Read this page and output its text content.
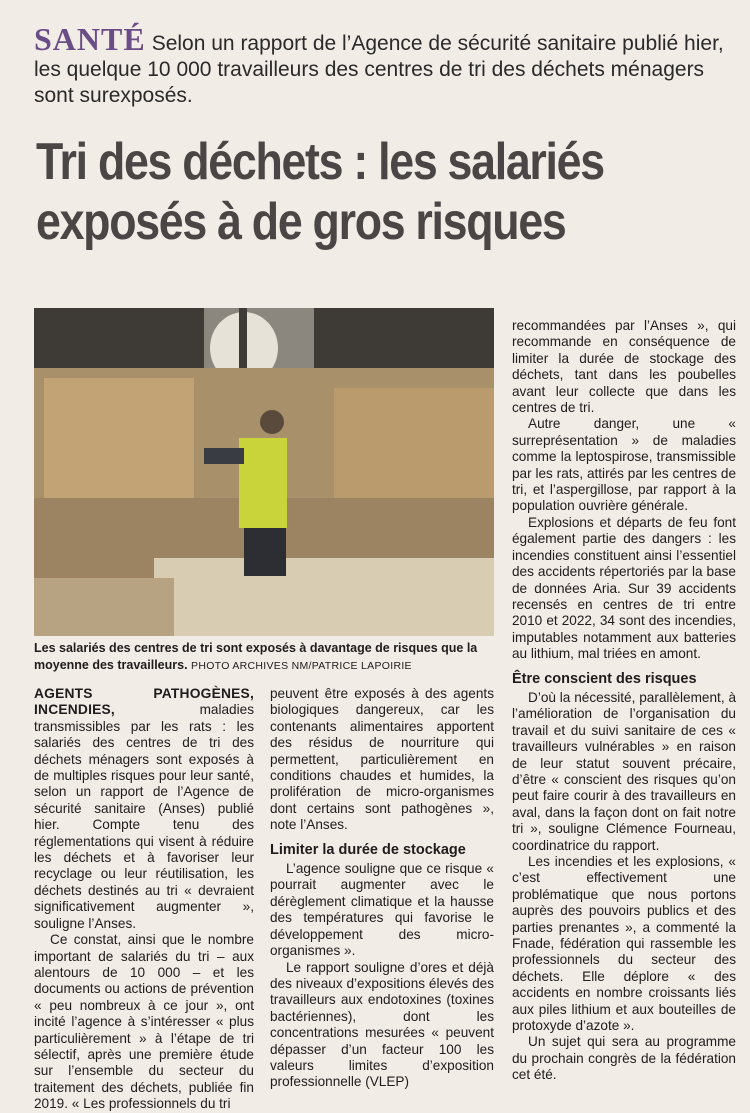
SANTÉ Selon un rapport de l’Agence de sécurité sanitaire publié hier, les quelque 10 000 travailleurs des centres de tri des déchets ménagers sont surexposés.
Tri des déchets : les salariés
exposés à de gros risques
Les salariés des centres de tri sont exposés à davantage de risques que la moyenne des travailleurs. PHOTO ARCHIVES NM/PATRICE LAPOIRIE

AGENTS PATHOGÈNES, INCENDIES,	maladies transmissibles par les rats : les salariés des centres de tri des déchets ménagers sont exposés à de multiples risques pour leur santé, selon un rapport de l’Agence de sécurité sanitaire (Anses) publié hier. Compte tenu des réglementations qui visent à réduire les déchets et à favoriser leur recyclage ou leur réutilisation, les déchets destinés au tri « devraient significativement augmenter », souligne l’Anses.

Ce constat, ainsi que le nombre important de salariés du tri – aux alentours de 10 000 – et les documents ou actions de prévention « peu nombreux à ce jour », ont incité l’agence à s’intéresser « plus particulièrement » à l’étape de tri sélectif, après une première étude sur l’ensemble du secteur du traitement des déchets, publiée fin 2019. « Les professionnels du tri

peuvent être exposés à des agents biologiques dangereux, car les contenants alimentaires apportent des résidus de nourriture qui permettent, particulièrement en conditions chaudes et humides, la prolifération de micro-organismes dont certains sont pathogènes », note l’Anses.

Limiter la durée de stockage

L’agence souligne que ce risque « pourrait augmenter avec le dérèglement climatique et la hausse des températures qui favorise le développement des micro-organismes ».

Le rapport souligne d’ores et déjà des niveaux d’expositions élevés des travailleurs aux endotoxines (toxines bactériennes), dont les concentrations mesurées « peuvent dépasser d’un facteur 100 les valeurs limites d’exposition professionnelle (VLEP)

recommandées par l’Anses », qui recommande en conséquence de limiter la durée de stockage des déchets, tant dans les poubelles avant leur collecte que dans les centres de tri.

Autre danger, une « surreprésentation » de maladies comme la leptospirose, transmissible par les rats, attirés par les centres de tri, et l’aspergillose, par rapport à la population ouvrière générale.

Explosions et départs de feu font également partie des dangers : les incendies constituent ainsi l’essentiel des accidents répertoriés par la base de données Aria. Sur 39 accidents recensés en centres de tri entre 2010 et 2022, 34 sont des incendies, imputables notamment aux batteries au lithium, mal triées en amont.

Être conscient des risques

D’où la nécessité, parallèlement, à l’amélioration de l’organisation du travail et du suivi sanitaire de ces « travailleurs vulnérables » en raison de leur statut souvent précaire, d’être « conscient des risques qu’on peut faire courir à des travailleurs en aval, dans la façon dont on fait notre tri », souligne Clémence Fourneau, coordinatrice du rapport.

Les incendies et les explosions, « c’est effectivement une problématique que nous portons auprès des pouvoirs publics et des parties prenantes », a commenté la Fnade, fédération qui rassemble les professionnels du secteur des déchets. Elle déplore « des accidents en nombre croissants liés aux piles lithium et aux bouteilles de protoxyde d’azote ».

Un sujet qui sera au programme du prochain congrès de la fédération cet été.
